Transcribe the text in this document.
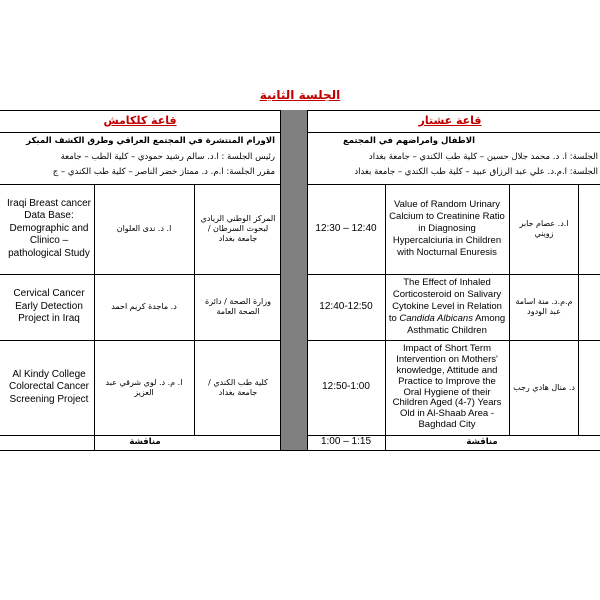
الجلسة الثانية
قاعة كلكامش	قاعة عشتار
الاورام المنتشرة في المجتمع العراقي وطرق الكشف المبكر
رئيس الجلسة : ا.د. سالم رشيد حمودي – كلية الطب – جامعة
مقرر الجلسة: ا.م. د. ممتاز خضر الناصر – كلية طب الكندي – ج
الاطفال وامراضهم في المجتمع
الجلسة: ا. د. محمد جلال حسين – كلية طب الكندي – جامعة بغداد
الجلسة: ا.م.د. علي عبد الرزاق عبيد – كلية طب الكندي – جامعة بغداد
Iraqi Breast cancer Data Base: Demographic and Clinico –pathological Study
ا. د. ندى العلوان
المركز الوطني الريادي لبحوث السرطان / جامعة بغداد
Cervical Cancer Early Detection Project in Iraq
د. ماجدة كريم احمد
وزارة الصحة / دائرة الصحة العامة
Al Kindy College Colorectal Cancer Screening Project
ا. م. د. لوي شرقي عبد العزيز
كلية طب الكندي / جامعة بغداد
مناقشة
12:30 – 12:40
Value of Random Urinary Calcium to Creatinine Ratio in Diagnosing Hypercalciuria in Children with Nocturnal Enuresis
ا.د. عصام جابر زويني
12:40-12:50
The Effect of Inhaled Corticosteroid on Salivary Cytokine Level in Relation to Candida Albicans Among Asthmatic Children
م.م.د. منة اسامة عبد الودود
12:50-1:00
Impact of Short Term Intervention on Mothers' knowledge, Attitude and Practice to Improve the Oral Hygiene of their Children Aged (4-7) Years Old in Al-Shaab Area - Baghdad City
د. منال هادي رجب
1:00 – 1:15	مناقشة
